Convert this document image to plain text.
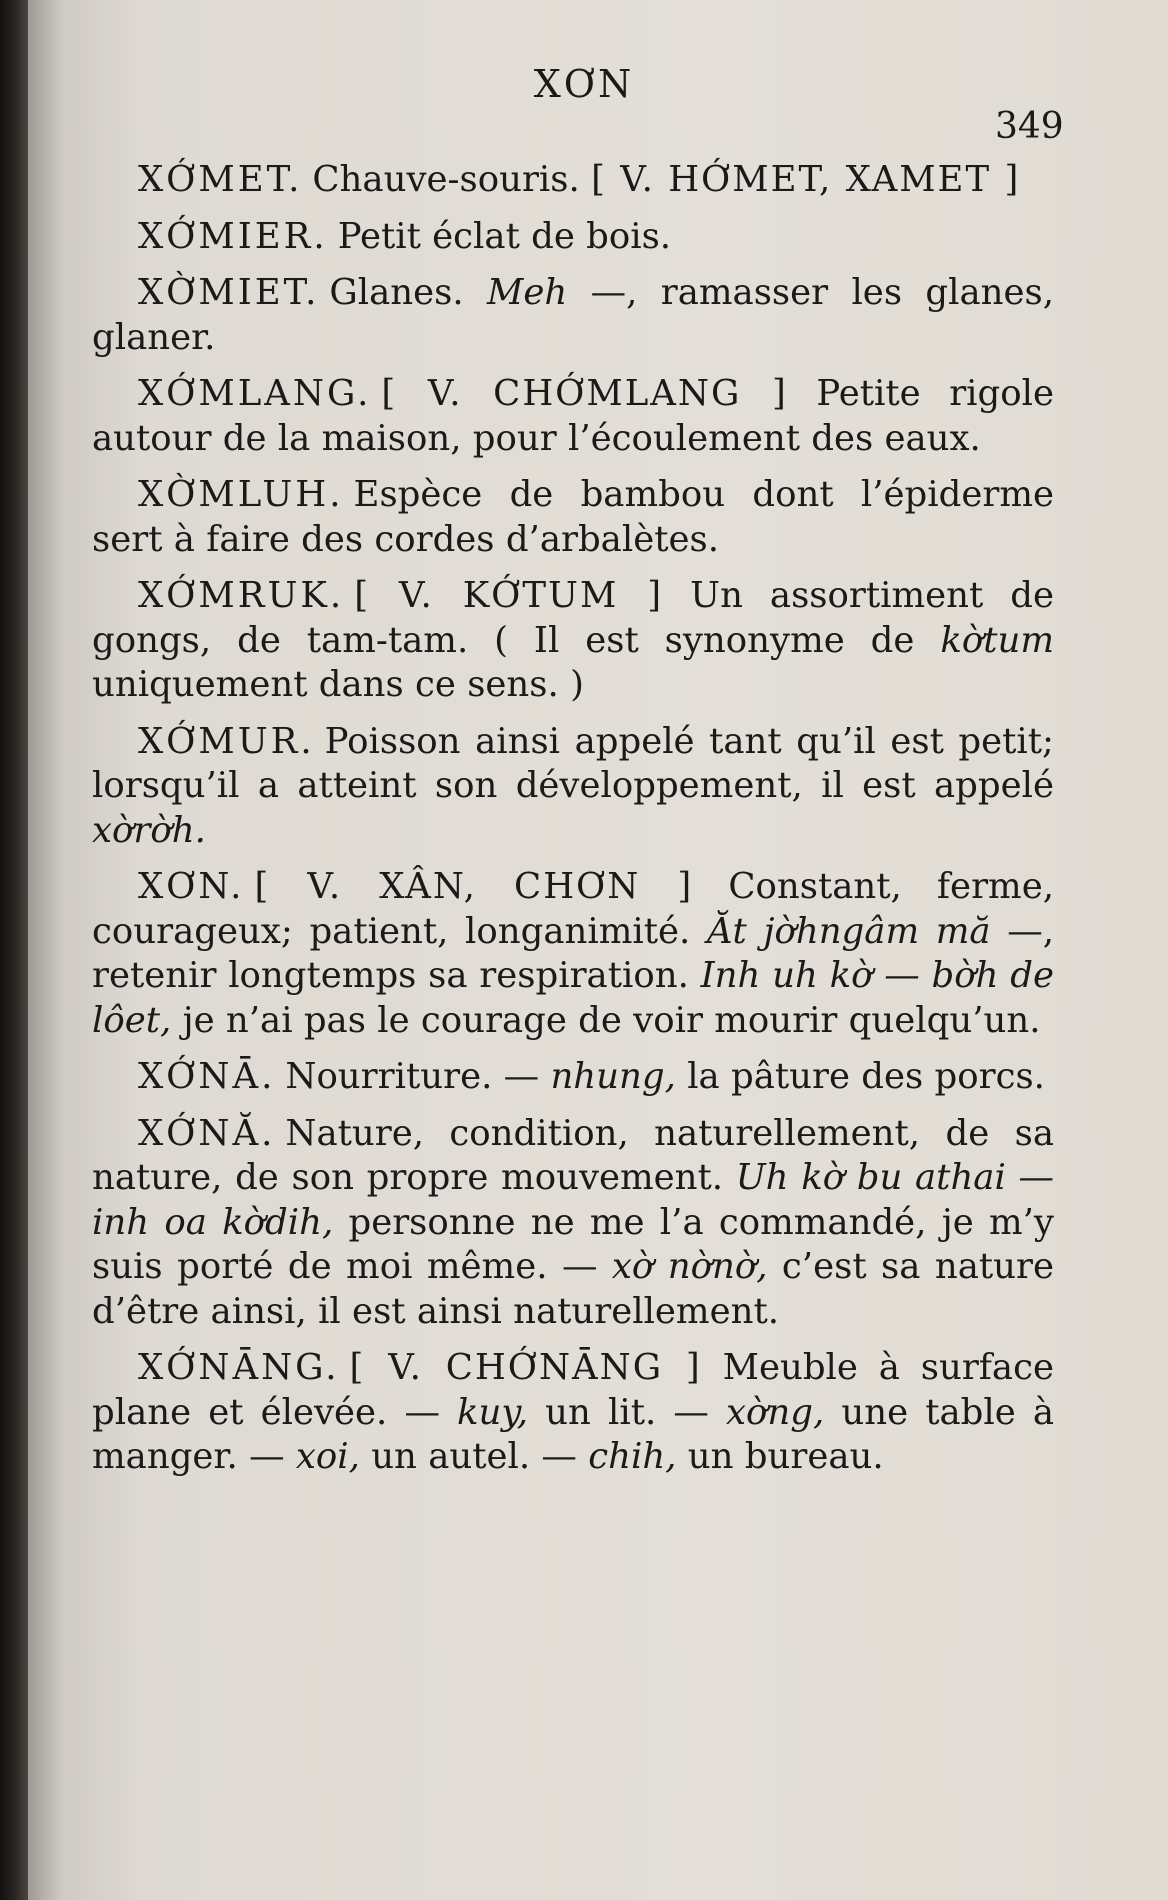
XƠN
349

XỚMET. Chauve-souris. [ V. HỚMET, XAMET ]

XỚMIER. Petit éclat de bois.

XỜMIET. Glanes. Meh —, ramasser les glanes, glaner.

XỚMLANG. [ V. CHỚMLANG ] Petite rigole autour de la maison, pour l’écoulement des eaux.

XỜMLUH. Espèce de bambou dont l’épiderme sert à faire des cordes d’arbalètes.

XỚMRUK. [ V. KỚTUM ] Un assortiment de gongs, de tam-tam. ( Il est synonyme de kờtum uniquement dans ce sens. )

XỚMUR. Poisson ainsi appelé tant qu’il est petit; lorsqu’il a atteint son développement, il est appelé xờrờh.

XƠN. [ V. XÂN, CHƠN ] Constant, ferme, courageux; patient, longanimité. Ăt jờhngâm mă —, retenir longtemps sa respiration. Inh uh kờ — bờh de lôet, je n’ai pas le courage de voir mourir quelqu’un.

XỚNĀ. Nourriture. — nhung, la pâture des porcs.

XỚNĂ. Nature, condition, naturellement, de sa nature, de son propre mouvement. Uh kờ bu athai — inh oa kờdih, personne ne me l’a commandé, je m’y suis porté de moi même. — xờ nờnờ, c’est sa nature d’être ainsi, il est ainsi naturellement.

XỚNĀNG. [ V. CHỚNĀNG ] Meuble à surface plane et élevée. — kuy, un lit. — xờng, une table à manger. — xoi, un autel. — chih, un bureau.
